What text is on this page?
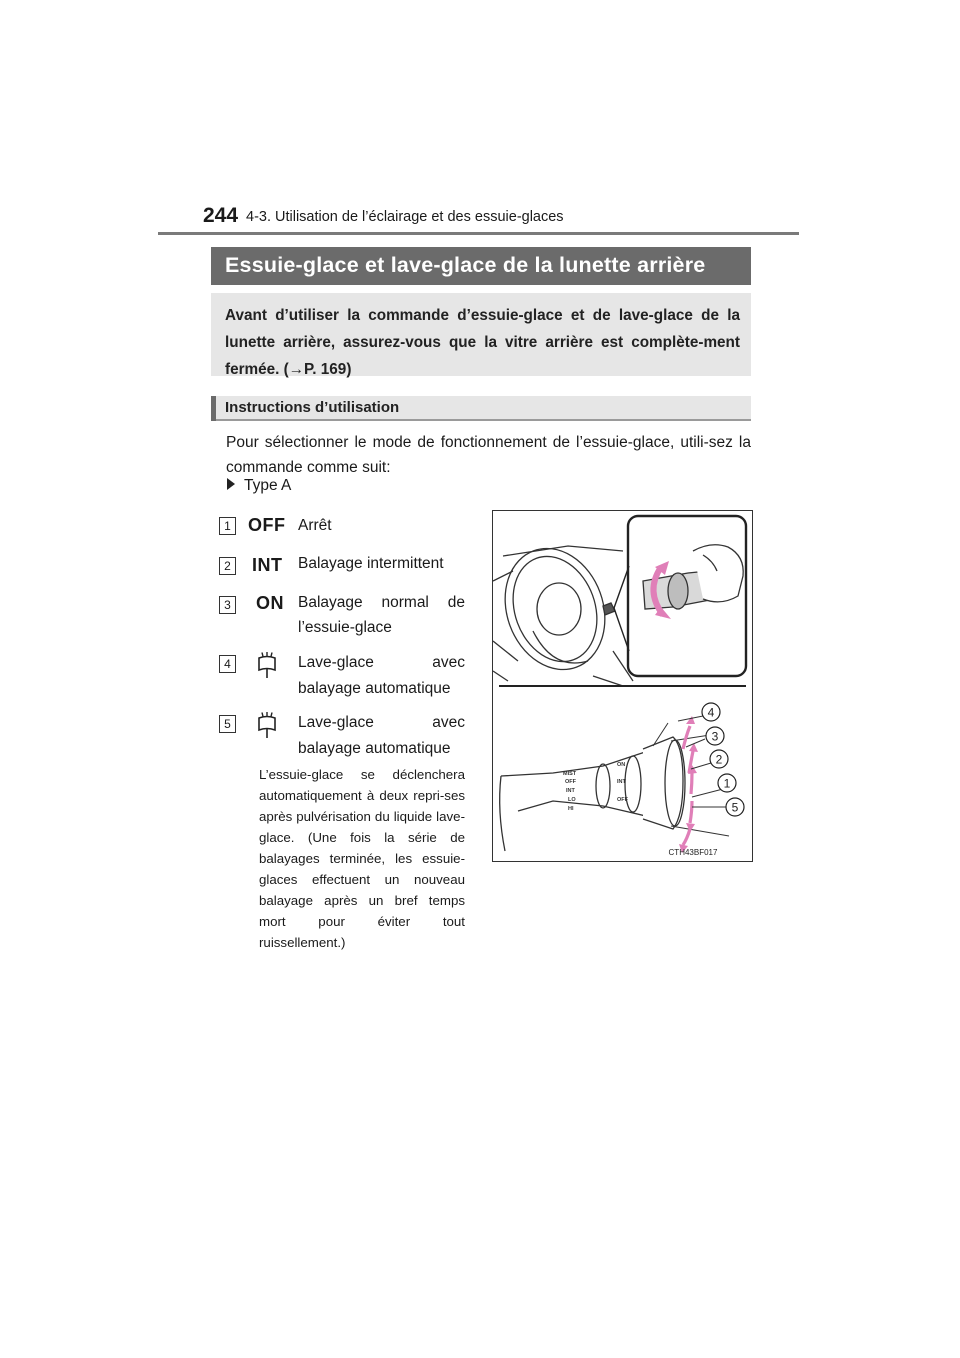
244 4-3. Utilisation de l’éclairage et des essuie-glaces
Essuie-glace et lave-glace de la lunette arrière

Avant d’utiliser la commande d’essuie-glace et de lave-glace de la lunette arrière, assurez-vous que la vitre arrière est complète-ment fermée. (→P. 169)

Instructions d’utilisation
Pour sélectionner le mode de fonctionnement de l’essuie-glace, utili-sez la commande comme suit:
Type A
1 OFF Arrêt
2 INT Balayage intermittent
3 ON Balayage normal de
l’essuie-glace
4	Lave-glace avec
balayage automatique
5	Lave-glace avec
balayage automatique
L’essuie-glace se déclenchera automatiquement à deux repri-ses après pulvérisation du liquide lave-glace. (Une fois la série de balayages terminée, les essuie-glaces effectuent un nouveau balayage après un bref temps mort pour éviter tout ruissellement.)
MIST
OFF
INT
LO
HI
ON
INT
OFF
4
3
2
1
5
CTH43BF017
